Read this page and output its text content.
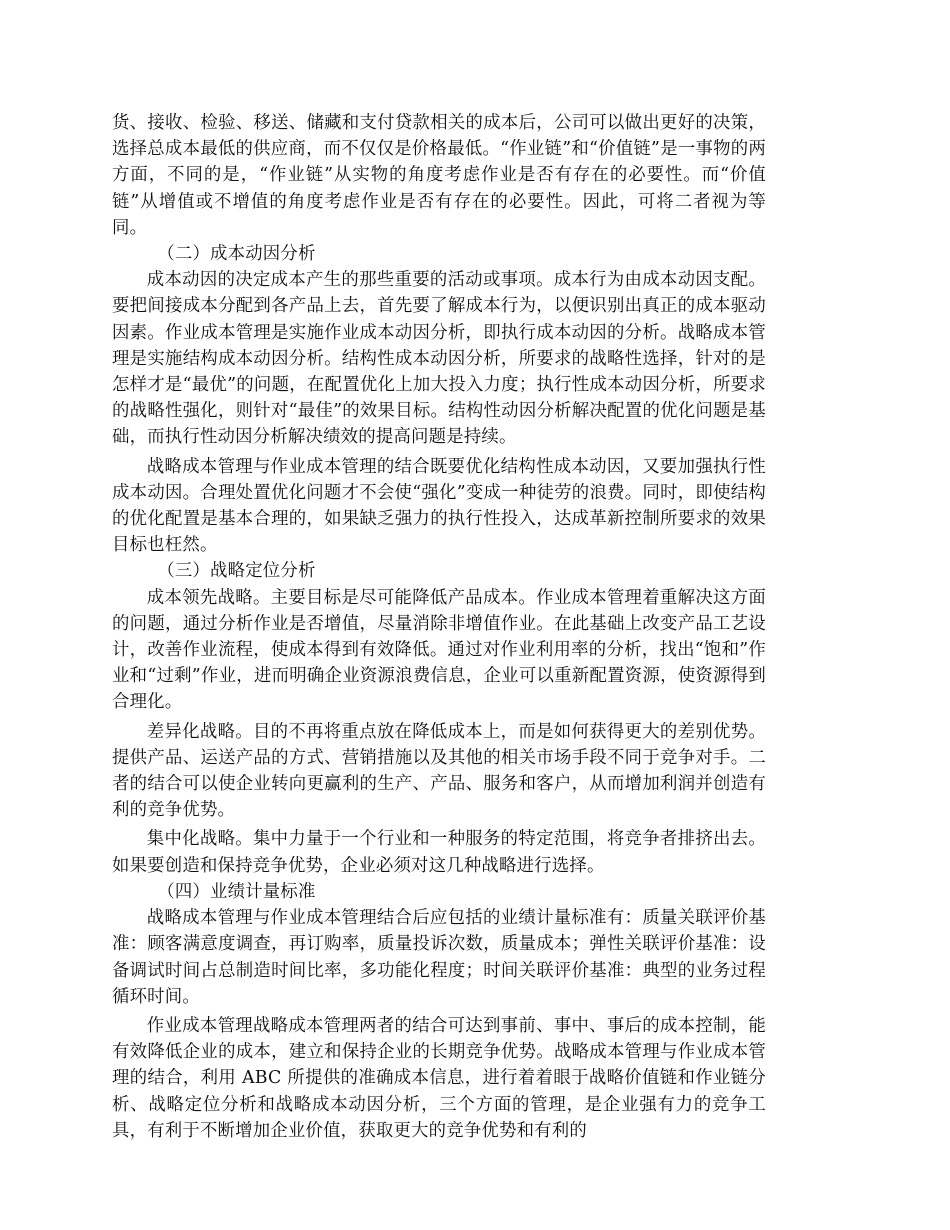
货、接收、检验、移送、储藏和支付贷款相关的成本后，公司可以做出更好的决策，选择总成本最低的供应商，而不仅仅是价格最低。“作业链”和“价值链”是一事物的两方面，不同的是，“作业链”从实物的角度考虑作业是否有存在的必要性。而“价值链”从增值或不增值的角度考虑作业是否有存在的必要性。因此，可将二者视为等同。

（二）成本动因分析

成本动因的决定成本产生的那些重要的活动或事项。成本行为由成本动因支配。要把间接成本分配到各产品上去，首先要了解成本行为，以便识别出真正的成本驱动因素。作业成本管理是实施作业成本动因分析，即执行成本动因的分析。战略成本管理是实施结构成本动因分析。结构性成本动因分析，所要求的战略性选择，针对的是怎样才是“最优”的问题，在配置优化上加大投入力度；执行性成本动因分析，所要求的战略性强化，则针对“最佳”的效果目标。结构性动因分析解决配置的优化问题是基础，而执行性动因分析解决绩效的提高问题是持续。

战略成本管理与作业成本管理的结合既要优化结构性成本动因，又要加强执行性成本动因。合理处置优化问题才不会使“强化”变成一种徒劳的浪费。同时，即使结构的优化配置是基本合理的，如果缺乏强力的执行性投入，达成革新控制所要求的效果目标也枉然。

（三）战略定位分析

成本领先战略。主要目标是尽可能降低产品成本。作业成本管理着重解决这方面的问题，通过分析作业是否增值，尽量消除非增值作业。在此基础上改变产品工艺设计，改善作业流程，使成本得到有效降低。通过对作业利用率的分析，找出“饱和”作业和“过剩”作业，进而明确企业资源浪费信息，企业可以重新配置资源，使资源得到合理化。

差异化战略。目的不再将重点放在降低成本上，而是如何获得更大的差别优势。提供产品、运送产品的方式、营销措施以及其他的相关市场手段不同于竞争对手。二者的结合可以使企业转向更赢利的生产、产品、服务和客户，从而增加利润并创造有利的竞争优势。

集中化战略。集中力量于一个行业和一种服务的特定范围，将竞争者排挤出去。如果要创造和保持竞争优势，企业必须对这几种战略进行选择。

（四）业绩计量标准

战略成本管理与作业成本管理结合后应包括的业绩计量标准有：质量关联评价基准：顾客满意度调查，再订购率，质量投诉次数，质量成本；弹性关联评价基准：设备调试时间占总制造时间比率，多功能化程度；时间关联评价基准：典型的业务过程循环时间。

作业成本管理战略成本管理两者的结合可达到事前、事中、事后的成本控制，能有效降低企业的成本，建立和保持企业的长期竞争优势。战略成本管理与作业成本管理的结合，利用 ABC 所提供的准确成本信息，进行着着眼于战略价值链和作业链分析、战略定位分析和战略成本动因分析，三个方面的管理，是企业强有力的竞争工具，有利于不断增加企业价值，获取更大的竞争优势和有利的
